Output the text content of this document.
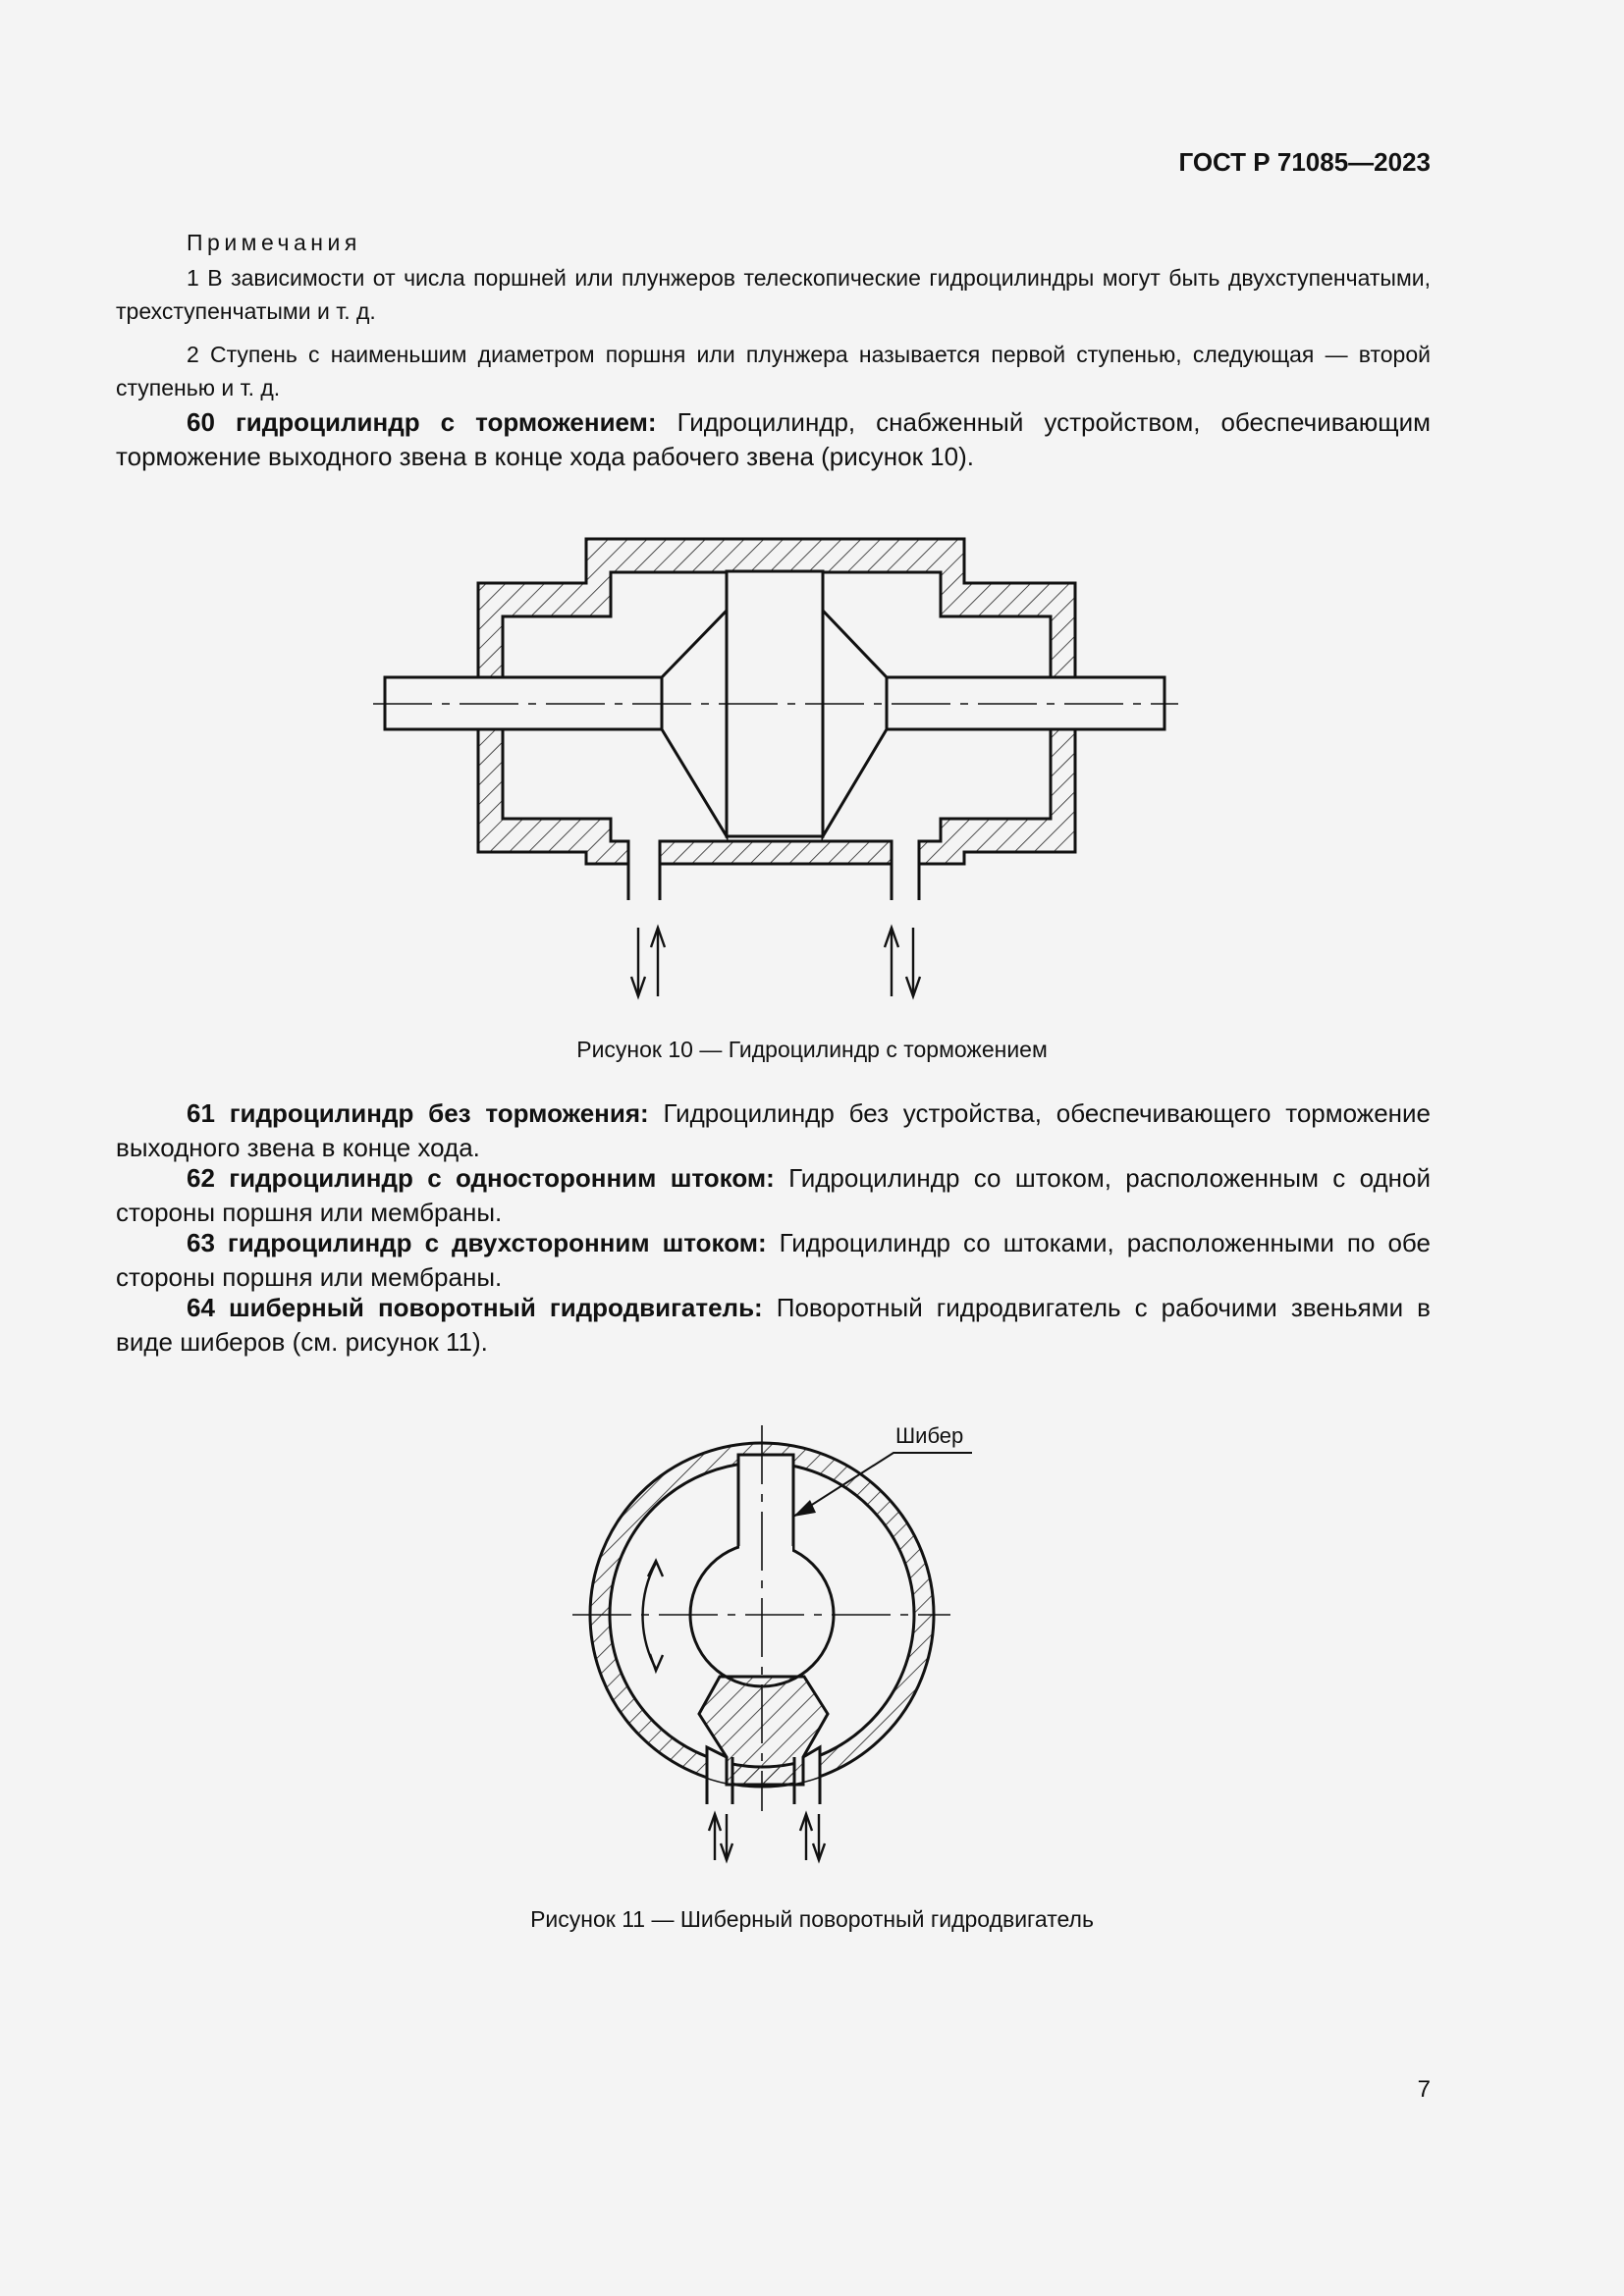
ГОСТ Р 71085—2023
Примечания

1 В зависимости от числа поршней или плунжеров телескопические гидроцилиндры могут быть двухступенчатыми, трехступенчатыми и т. д.

2 Ступень с наименьшим диаметром поршня или плунжера называется первой ступенью, следующая — второй ступенью и т. д.

60 гидроцилиндр с торможением: Гидроцилиндр, снабженный устройством, обеспечивающим торможение выходного звена в конце хода рабочего звена (рисунок 10).

Рисунок 10 — Гидроцилиндр с торможением

61 гидроцилиндр без торможения: Гидроцилиндр без устройства, обеспечивающего торможение выходного звена в конце хода.

62 гидроцилиндр с односторонним штоком: Гидроцилиндр со штоком, расположенным с одной стороны поршня или мембраны.

63 гидроцилиндр с двухсторонним штоком: Гидроцилиндр со штоками, расположенными по обе стороны поршня или мембраны.

64 шиберный поворотный гидродвигатель: Поворотный гидродвигатель с рабочими звеньями в виде шиберов (см. рисунок 11).

Шибер
Рисунок 11 — Шиберный поворотный гидродвигатель
7
